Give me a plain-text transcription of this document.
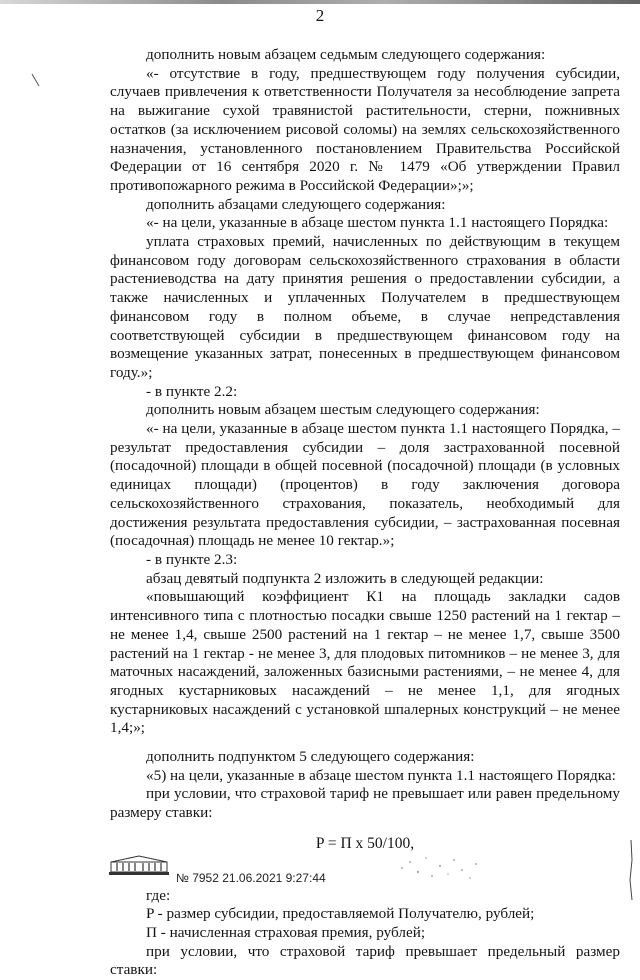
2

дополнить новым абзацем седьмым следующего содержания:

«- отсутствие в году, предшествующем году получения субсидии, случаев привлечения к ответственности Получателя за несоблюдение запрета на выжигание сухой травянистой растительности, стерни, пожнивных остатков (за исключением рисовой соломы) на землях сельскохозяйственного назначения, установленного постановлением Правительства Российской Федерации от 16 сентября 2020 г. № 1479 «Об утверждении Правил противопожарного режима в Российской Федерации»;»;

дополнить абзацами следующего содержания:

«- на цели, указанные в абзаце шестом пункта 1.1 настоящего Порядка:

уплата страховых премий, начисленных по действующим в текущем финансовом году договорам сельскохозяйственного страхования в области растениеводства на дату принятия решения о предоставлении субсидии, а также начисленных и уплаченных Получателем в предшествующем финансовом году в полном объеме, в случае непредставления соответствующей субсидии в предшествующем финансовом году на возмещение указанных затрат, понесенных в предшествующем финансовом году.»;

- в пункте 2.2:

дополнить новым абзацем шестым следующего содержания:

«- на цели, указанные в абзаце шестом пункта 1.1 настоящего Порядка, – результат предоставления субсидии – доля застрахованной посевной (посадочной) площади в общей посевной (посадочной) площади (в условных единицах площади) (процентов) в году заключения договора сельскохозяйственного страхования, показатель, необходимый для достижения результата предоставления субсидии, – застрахованная посевная (посадочная) площадь не менее 10 гектар.»;

- в пункте 2.3:

абзац девятый подпункта 2 изложить в следующей редакции:

«повышающий коэффициент К1 на площадь закладки садов интенсивного типа с плотностью посадки свыше 1250 растений на 1 гектар – не менее 1,4, свыше 2500 растений на 1 гектар – не менее 1,7, свыше 3500 растений на 1 гектар - не менее 3, для плодовых питомников – не менее 3, для маточных насаждений, заложенных базисными растениями, – не менее 4, для ягодных кустарниковых насаждений – не менее 1,1, для ягодных кустарниковых насаждений с установкой шпалерных конструкций – не менее 1,4;»;

дополнить подпунктом 5 следующего содержания:

«5) на цели, указанные в абзаце шестом пункта 1.1 настоящего Порядка:

при условии, что страховой тариф не превышает или равен предельному размеру ставки:

P = П x 50/100,

где:

P - размер субсидии, предоставляемой Получателю, рублей;

П - начисленная страховая премия, рублей;

при условии, что страховой тариф превышает предельный размер ставки:

№ 7952 21.06.2021 9:27:44
